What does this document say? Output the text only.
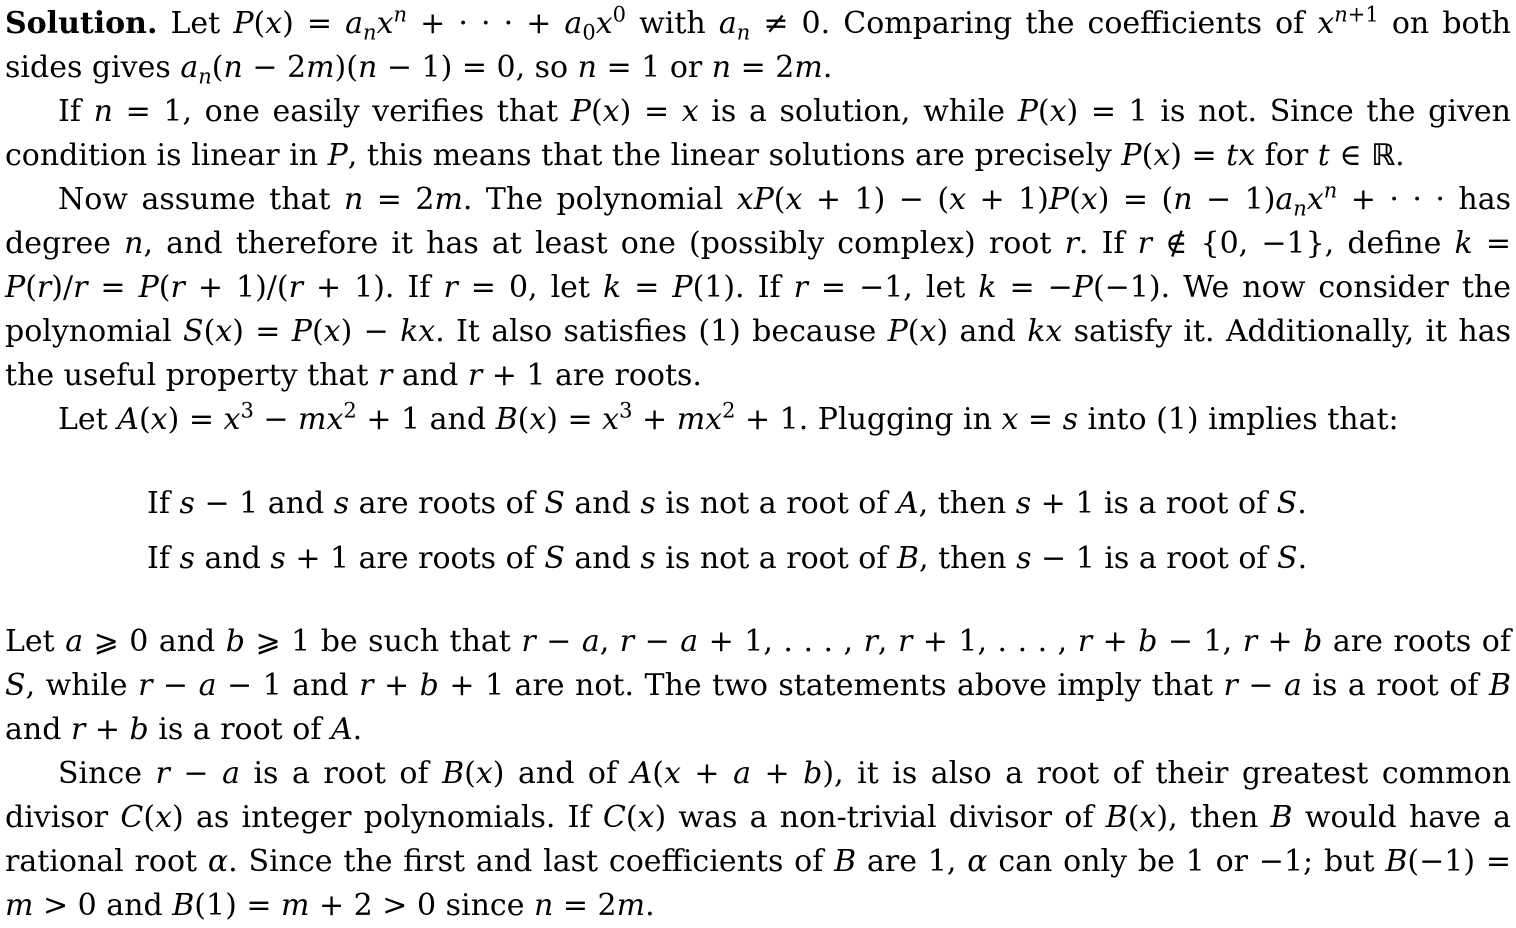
Solution. Let $P(x) = a_nx^n$ + · · · + $a_0x^0$ with $a_n \ne 0$. Comparing the coefficients of $x^{n+1}$ on both sides gives $a_n(n - 2m)(n - 1) = 0$, so n = 1 or n = 2m.

If n = 1, one easily verifies that P(x) = x is a solution, while P(x) = 1 is not. Since the given condition is linear in P, this means that the linear solutions are precisely P(x) = tx for t ∈ ℝ.

Now assume that n = 2m. The polynomial $xP(x + 1) - (x + 1)P(x) = (n - 1)a_nx^n$ + · · · has degree n, and therefore it has at least one (possibly complex) root r. If r ∉ {0, −1}, define k = P(r)/r = P(r + 1)/(r + 1). If r = 0, let k = P(1). If r = −1, let k = −P(−1). We now consider the polynomial S(x) = P(x) − kx. It also satisfies (1) because P(x) and kx satisfy it. Additionally, it has the useful property that r and r + 1 are roots.

Let $A(x) = x^3 - mx^2 + 1$ and $B(x) = x^3 + mx^2 + 1$. Plugging in x = s into (1) implies that:

If s − 1 and s are roots of S and s is not a root of A, then s + 1 is a root of S.

If s and s + 1 are roots of S and s is not a root of B, then s − 1 is a root of S.

Let a ⩾ 0 and b ⩾ 1 be such that r − a, r − a + 1, . . . , r, r + 1, . . . , r + b − 1, r + b are roots of S, while r − a − 1 and r + b + 1 are not. The two statements above imply that r − a is a root of B and r + b is a root of A.

Since r − a is a root of B(x) and of A(x + a + b), it is also a root of their greatest common divisor C(x) as integer polynomials. If C(x) was a non-trivial divisor of B(x), then B would have a rational root α. Since the first and last coefficients of B are 1, α can only be 1 or −1; but B(−1) = m > 0 and B(1) = m + 2 > 0 since n = 2m.
